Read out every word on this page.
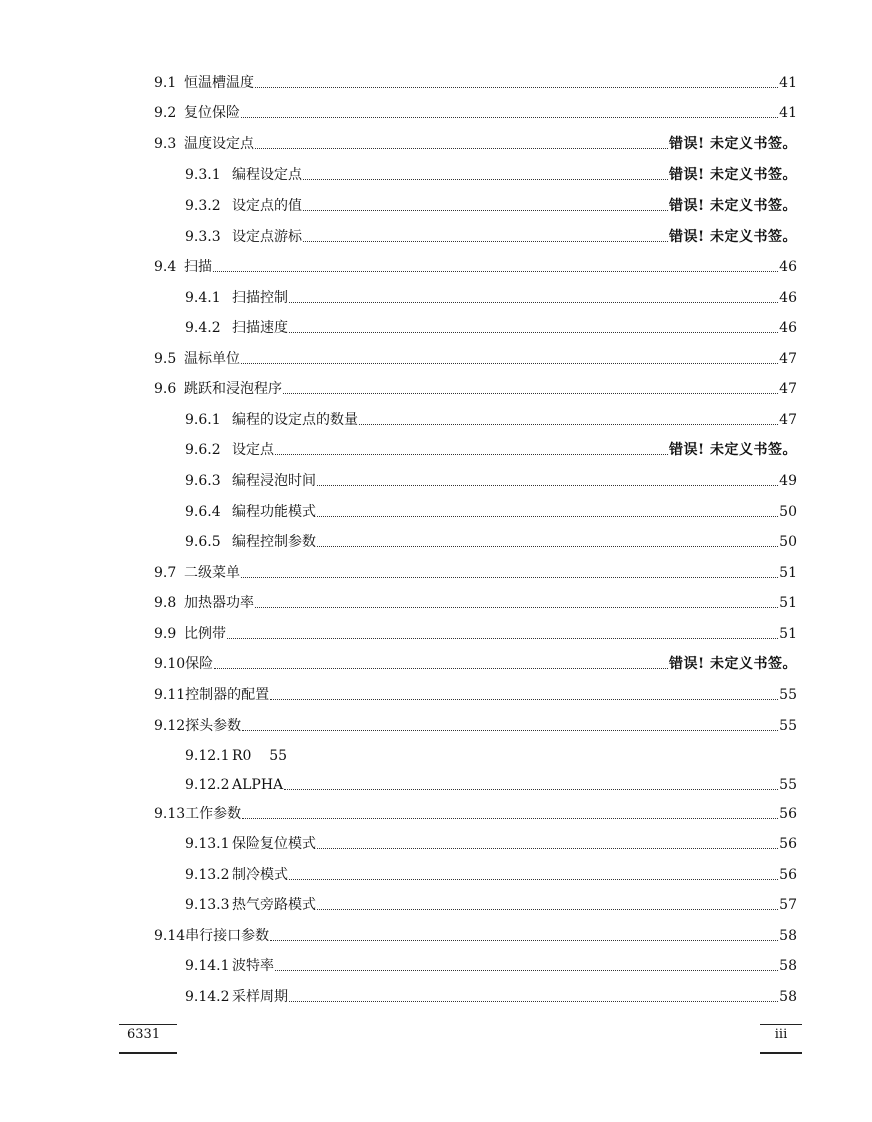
9.1 恒温槽温度	41
9.2 复位保险	41
9.3 温度设定点	错误! 未定义书签。
9.3.1 编程设定点	错误! 未定义书签。
9.3.2 设定点的值	错误! 未定义书签。
9.3.3 设定点游标	错误! 未定义书签。
9.4 扫描	46
9.4.1 扫描控制	46
9.4.2 扫描速度	46
9.5 温标单位	47
9.6 跳跃和浸泡程序	47
9.6.1 编程的设定点的数量	47
9.6.2 设定点	错误! 未定义书签。
9.6.3 编程浸泡时间	49
9.6.4 编程功能模式	50
9.6.5 编程控制参数	50
9.7 二级菜单	51
9.8 加热器功率	51
9.9 比例带	51
9.10 保险	错误! 未定义书签。
9.11 控制器的配置	55
9.12 探头参数	55
9.12.1 R0    55
9.12.2 ALPHA	55
9.13 工作参数	56
9.13.1 保险复位模式	56
9.13.2 制冷模式	56
9.13.3 热气旁路模式	57
9.14 串行接口参数	58
9.14.1 波特率	58
9.14.2 采样周期	58
6331	iii
